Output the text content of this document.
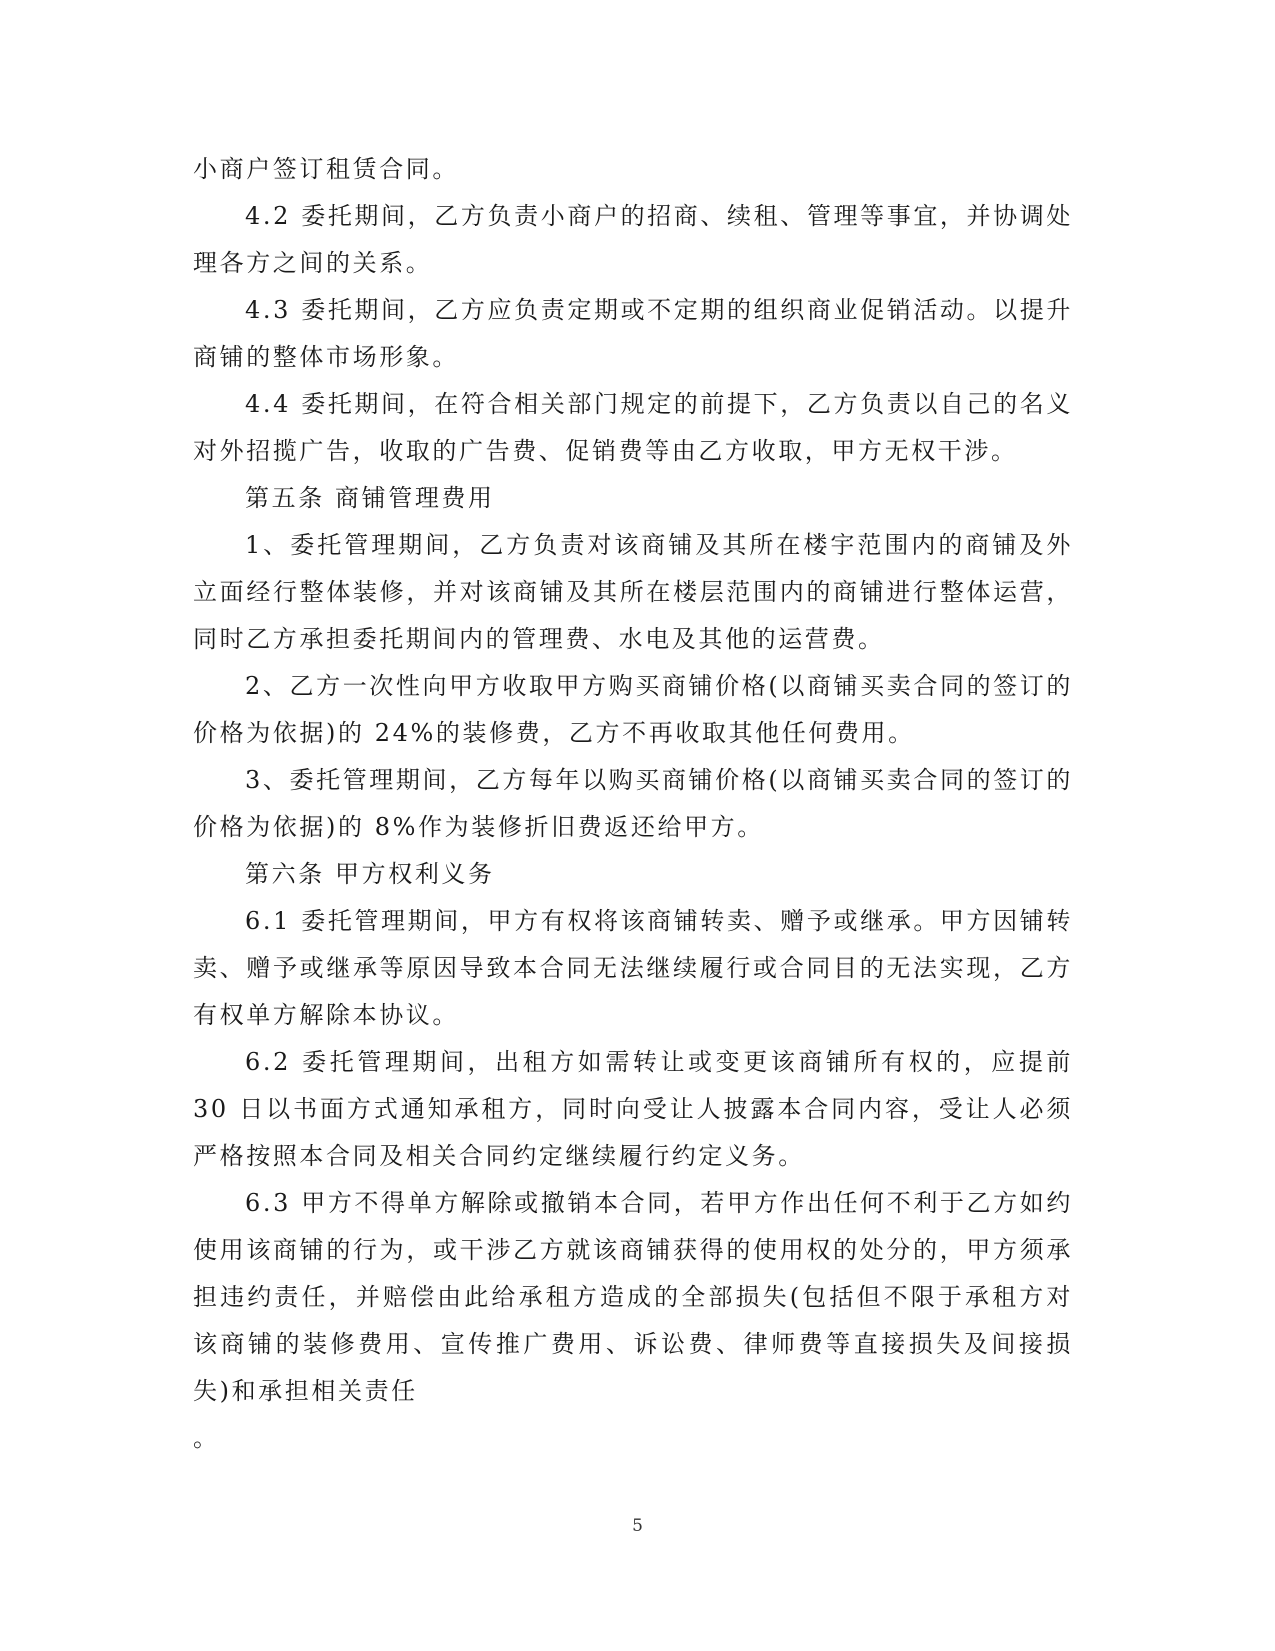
小商户签订租赁合同。

4.2 委托期间，乙方负责小商户的招商、续租、管理等事宜，并协调处理各方之间的关系。

4.3 委托期间，乙方应负责定期或不定期的组织商业促销活动。以提升商铺的整体市场形象。

4.4 委托期间，在符合相关部门规定的前提下，乙方负责以自己的名义对外招揽广告，收取的广告费、促销费等由乙方收取，甲方无权干涉。

第五条 商铺管理费用

1、委托管理期间，乙方负责对该商铺及其所在楼宇范围内的商铺及外立面经行整体装修，并对该商铺及其所在楼层范围内的商铺进行整体运营，同时乙方承担委托期间内的管理费、水电及其他的运营费。

2、乙方一次性向甲方收取甲方购买商铺价格(以商铺买卖合同的签订的价格为依据)的 24%的装修费，乙方不再收取其他任何费用。

3、委托管理期间，乙方每年以购买商铺价格(以商铺买卖合同的签订的价格为依据)的 8%作为装修折旧费返还给甲方。

第六条 甲方权利义务

6.1 委托管理期间，甲方有权将该商铺转卖、赠予或继承。甲方因铺转卖、赠予或继承等原因导致本合同无法继续履行或合同目的无法实现，乙方有权单方解除本协议。

6.2 委托管理期间，出租方如需转让或变更该商铺所有权的，应提前 30 日以书面方式通知承租方，同时向受让人披露本合同内容，受让人必须严格按照本合同及相关合同约定继续履行约定义务。

6.3 甲方不得单方解除或撤销本合同，若甲方作出任何不利于乙方如约使用该商铺的行为，或干涉乙方就该商铺获得的使用权的处分的，甲方须承担违约责任，并赔偿由此给承租方造成的全部损失(包括但不限于承租方对该商铺的装修费用、宣传推广费用、诉讼费、律师费等直接损失及间接损失)和承担相关责任

。

5
